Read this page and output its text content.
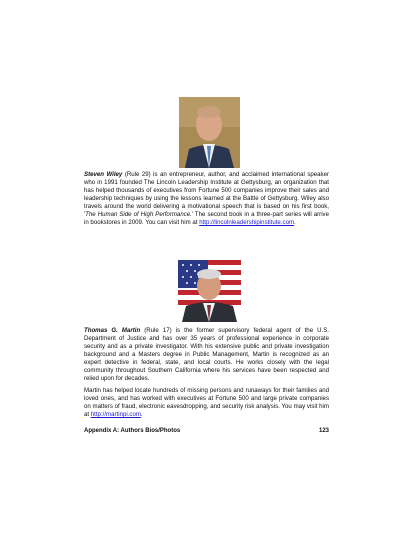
Steven Wiley (Rule 29) is an entrepreneur, author, and acclaimed international speaker who in 1991 founded The Lincoln Leadership Institute at Gettysburg, an organization that has helped thousands of executives from Fortune 500 companies improve their sales and leadership techniques by using the lessons learned at the Battle of Gettysburg. Wiley also travels around the world delivering a motivational speech that is based on his first book, 'The Human Side of High Performance.' The second book in a three-part series will arrive in bookstores in 2009. You can visit him at http://lincolnleadershipinstitute.com.

Thomas G. Martin (Rule 17) is the former supervisory federal agent of the U.S. Department of Justice and has over 35 years of professional experience in corporate security and as a private investigator. With his extensive public and private investigation background and a Masters degree in Public Management, Martin is recognized as an expert detective in federal, state, and local courts. He works closely with the legal community throughout Southern California where his services have been respected and relied upon for decades.

Martin has helped locate hundreds of missing persons and runaways for their families and loved ones, and has worked with executives at Fortune 500 and large private companies on matters of fraud, electronic eavesdropping, and security risk analysis. You may visit him at http://martinpi.com.

Appendix A: Authors Bios/Photos	123
